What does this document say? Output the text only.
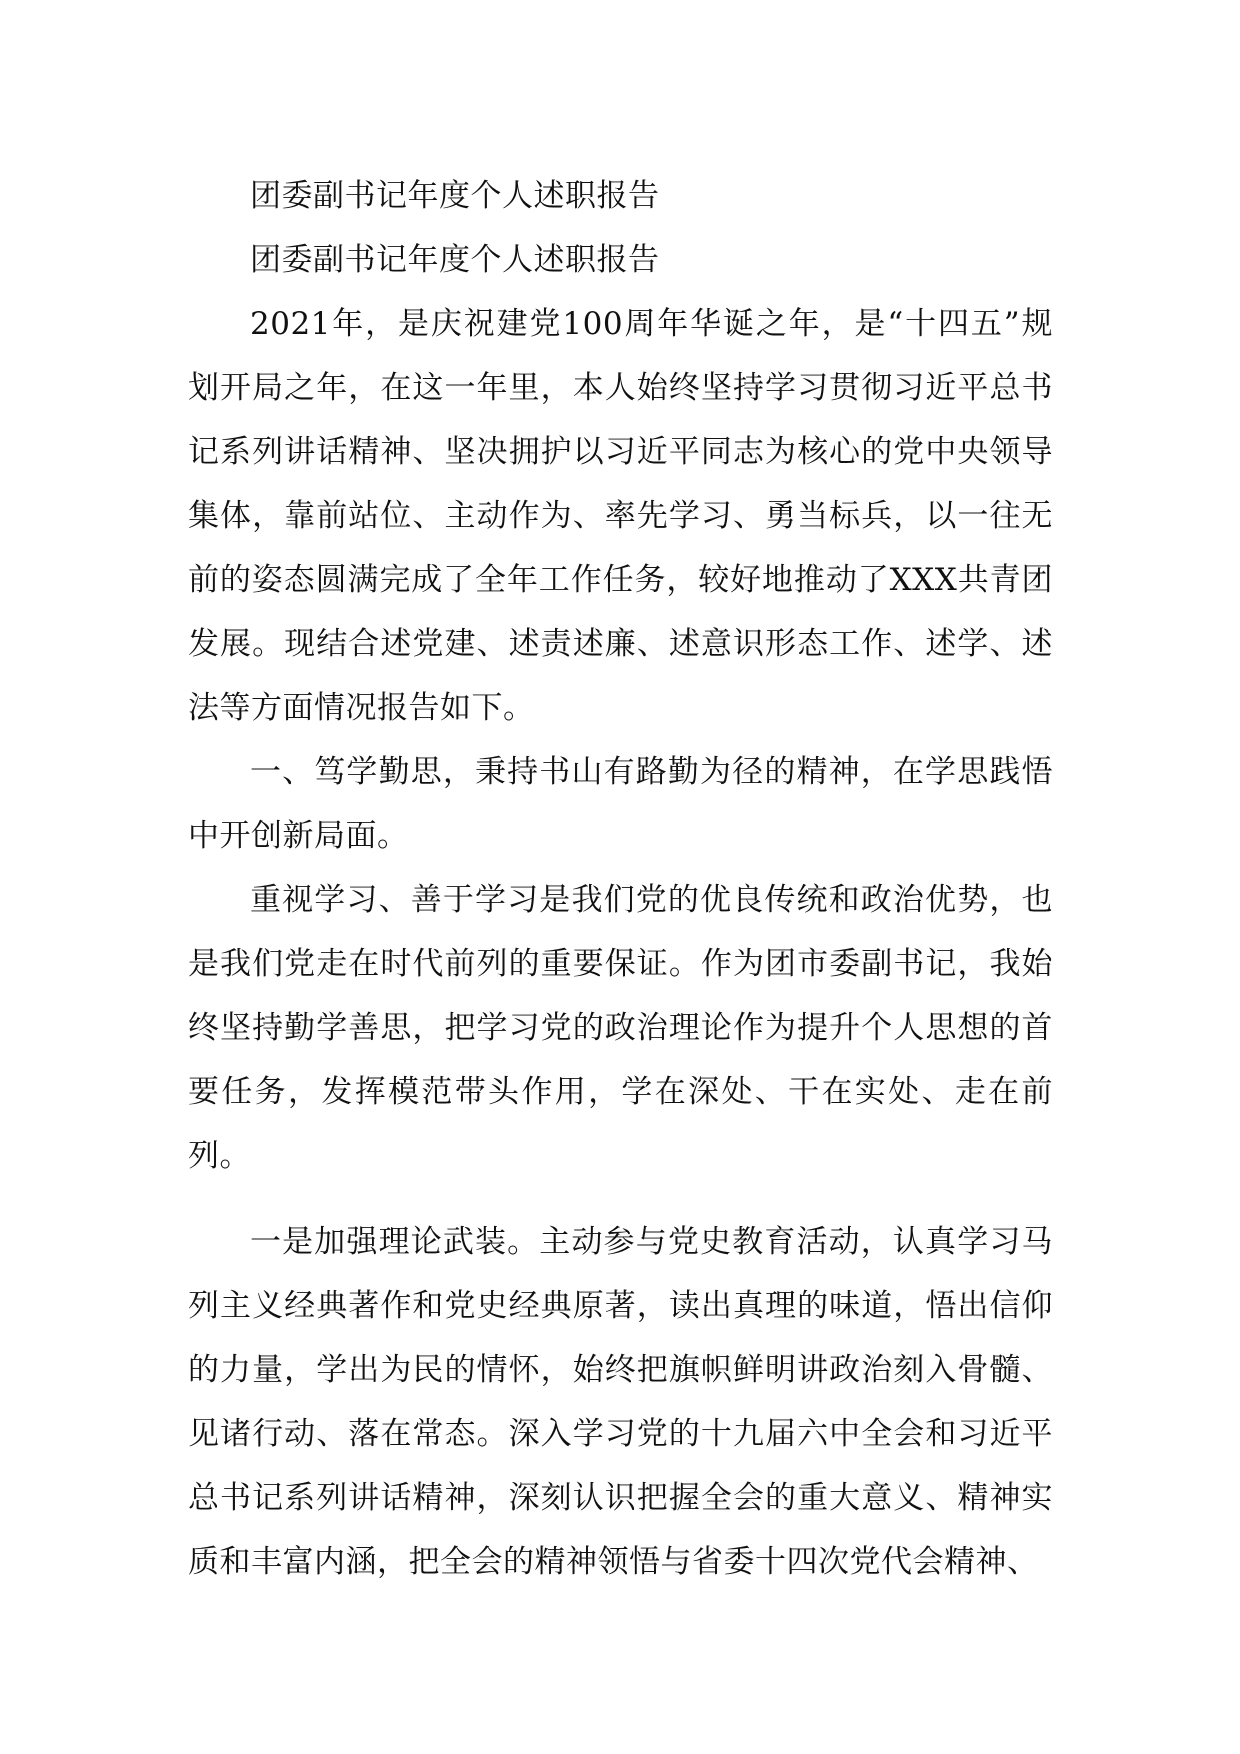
团委副书记年度个人述职报告

团委副书记年度个人述职报告

2021年，是庆祝建党100周年华诞之年，是“十四五”规划开局之年，在这一年里，本人始终坚持学习贯彻习近平总书记系列讲话精神、坚决拥护以习近平同志为核心的党中央领导集体，靠前站位、主动作为、率先学习、勇当标兵，以一往无前的姿态圆满完成了全年工作任务，较好地推动了XXX共青团发展。现结合述党建、述责述廉、述意识形态工作、述学、述法等方面情况报告如下。

一、笃学勤思，秉持书山有路勤为径的精神，在学思践悟中开创新局面。

重视学习、善于学习是我们党的优良传统和政治优势，也是我们党走在时代前列的重要保证。作为团市委副书记，我始终坚持勤学善思，把学习党的政治理论作为提升个人思想的首要任务，发挥模范带头作用，学在深处、干在实处、走在前列。

一是加强理论武装。主动参与党史教育活动，认真学习马列主义经典著作和党史经典原著，读出真理的味道，悟出信仰的力量，学出为民的情怀，始终把旗帜鲜明讲政治刻入骨髓、见诸行动、落在常态。深入学习党的十九届六中全会和习近平总书记系列讲话精神，深刻认识把握全会的重大意义、精神实质和丰富内涵，把全会的精神领悟与省委十四次党代会精神、
